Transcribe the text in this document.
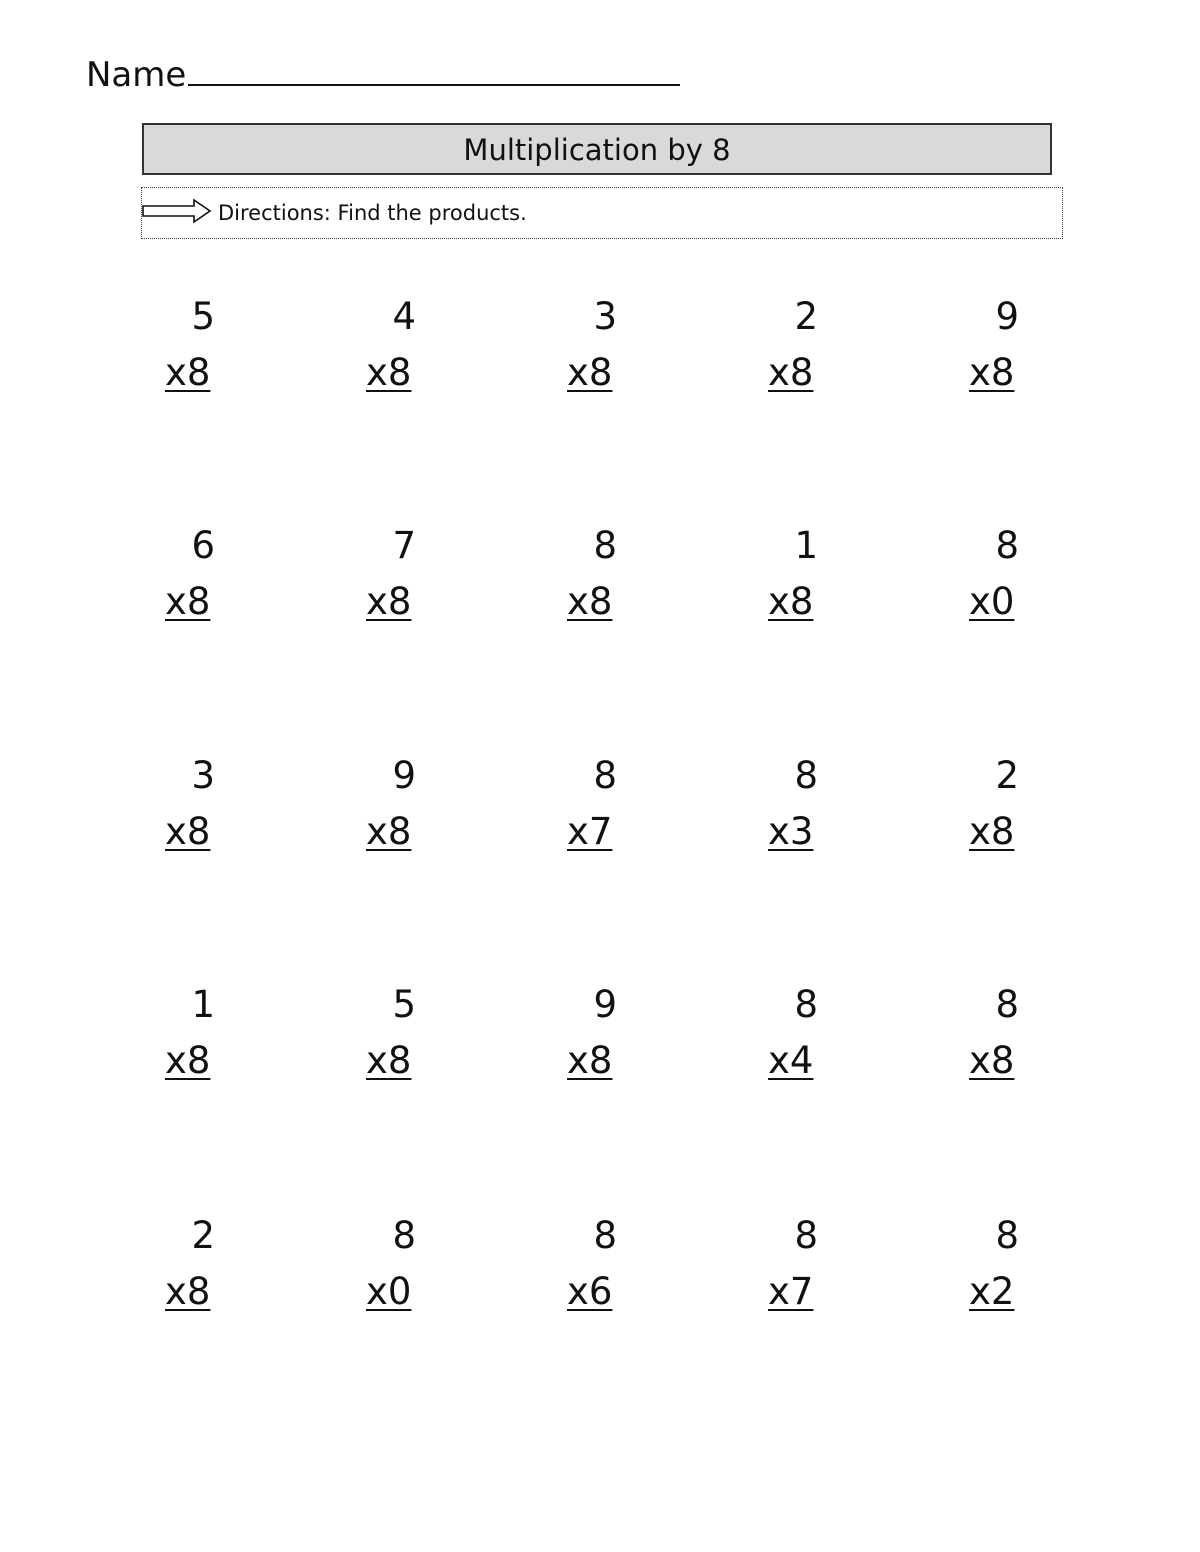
Name
Multiplication by 8
Directions: Find the products.
5
x8
4
x8
3
x8
2
x8
9
x8
6
x8
7
x8
8
x8
1
x8
8
x0
3
x8
9
x8
8
x7
8
x3
2
x8
1
x8
5
x8
9
x8
8
x4
8
x8
2
x8
8
x0
8
x6
8
x7
8
x2
